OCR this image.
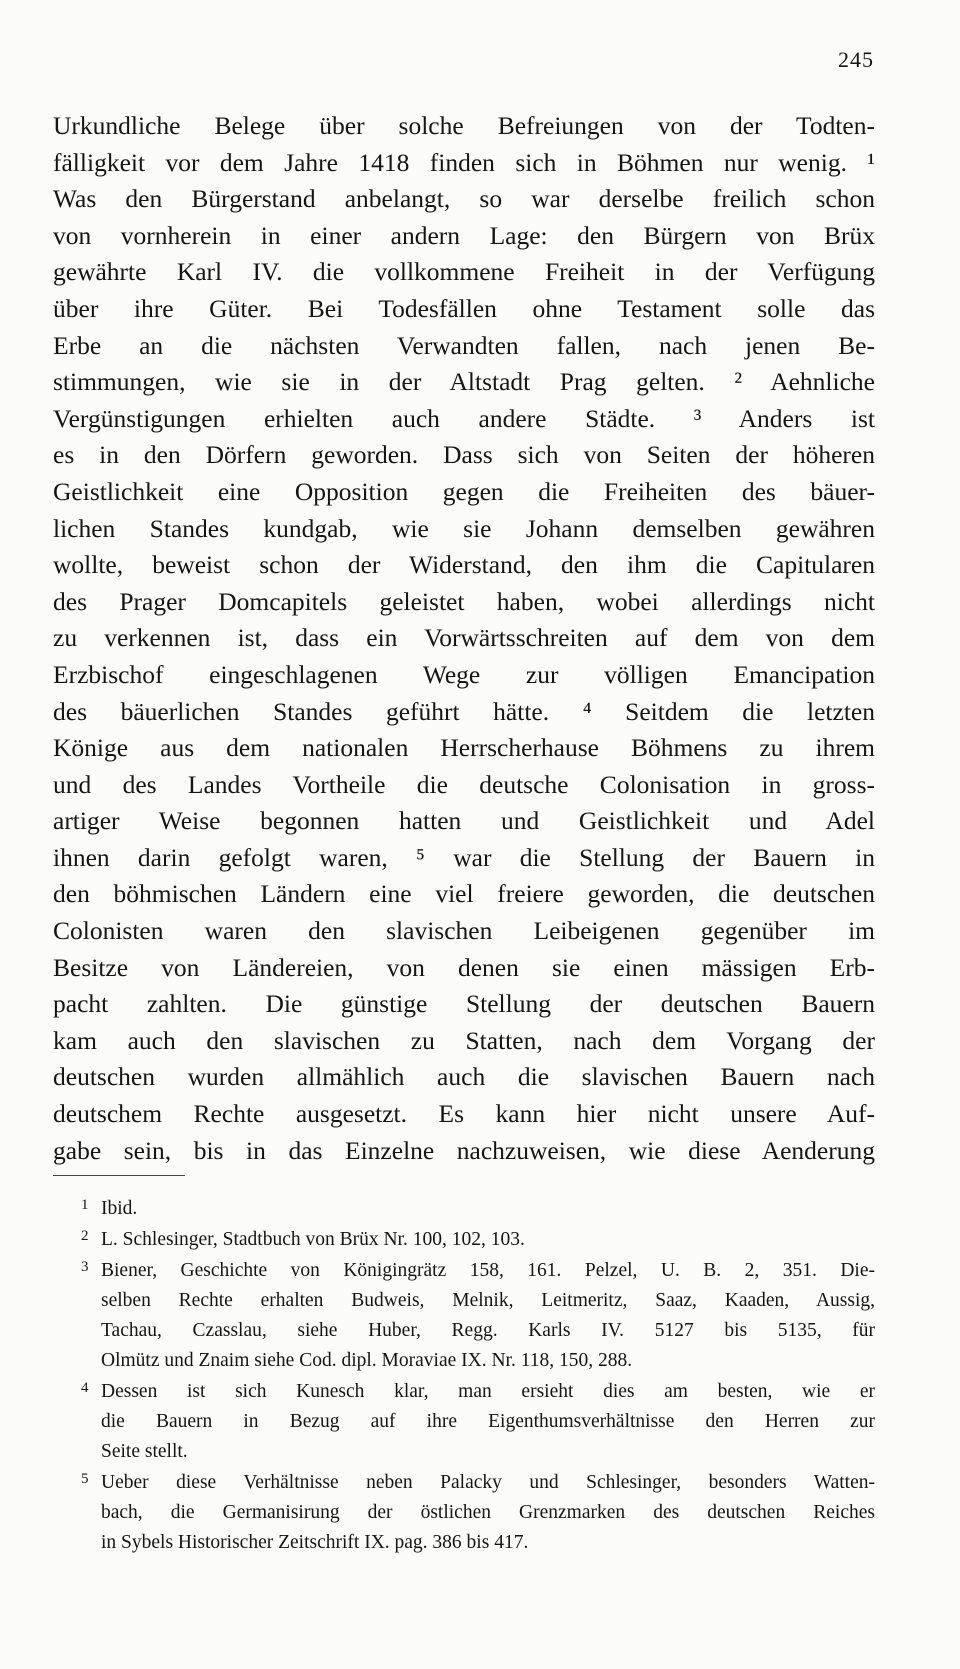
245
Urkundliche Belege über solche Befreiungen von der Todten-
fälligkeit vor dem Jahre 1418 finden sich in Böhmen nur wenig. ¹
Was den Bürgerstand anbelangt, so war derselbe freilich schon
von vornherein in einer andern Lage: den Bürgern von Brüx
gewährte Karl IV. die vollkommene Freiheit in der Verfügung
über ihre Güter. Bei Todesfällen ohne Testament solle das
Erbe an die nächsten Verwandten fallen, nach jenen Be-
stimmungen, wie sie in der Altstadt Prag gelten. ² Aehnliche
Vergünstigungen erhielten auch andere Städte. ³ Anders ist
es in den Dörfern geworden. Dass sich von Seiten der höheren
Geistlichkeit eine Opposition gegen die Freiheiten des bäuer-
lichen Standes kundgab, wie sie Johann demselben gewähren
wollte, beweist schon der Widerstand, den ihm die Capitularen
des Prager Domcapitels geleistet haben, wobei allerdings nicht
zu verkennen ist, dass ein Vorwärtsschreiten auf dem von dem
Erzbischof eingeschlagenen Wege zur völligen Emancipation
des bäuerlichen Standes geführt hätte. ⁴ Seitdem die letzten
Könige aus dem nationalen Herrscherhause Böhmens zu ihrem
und des Landes Vortheile die deutsche Colonisation in gross-
artiger Weise begonnen hatten und Geistlichkeit und Adel
ihnen darin gefolgt waren, ⁵ war die Stellung der Bauern in
den böhmischen Ländern eine viel freiere geworden, die deutschen
Colonisten waren den slavischen Leibeigenen gegenüber im
Besitze von Ländereien, von denen sie einen mässigen Erb-
pacht zahlten. Die günstige Stellung der deutschen Bauern
kam auch den slavischen zu Statten, nach dem Vorgang der
deutschen wurden allmählich auch die slavischen Bauern nach
deutschem Rechte ausgesetzt. Es kann hier nicht unsere Auf-
gabe sein, bis in das Einzelne nachzuweisen, wie diese Aenderung
1 Ibid.
2 L. Schlesinger, Stadtbuch von Brüx Nr. 100, 102, 103.
3 Biener, Geschichte von Königingrätz 158, 161. Pelzel, U. B. 2, 351. Die-
selben Rechte erhalten Budweis, Melnik, Leitmeritz, Saaz, Kaaden, Aussig,
Tachau, Czasslau, siehe Huber, Regg. Karls IV. 5127 bis 5135, für
Olmütz und Znaim siehe Cod. dipl. Moraviae IX. Nr. 118, 150, 288.
4 Dessen ist sich Kunesch klar, man ersieht dies am besten, wie er
die Bauern in Bezug auf ihre Eigenthumsverhältnisse den Herren zur
Seite stellt.
5 Ueber diese Verhältnisse neben Palacky und Schlesinger, besonders Watten-
bach, die Germanisirung der östlichen Grenzmarken des deutschen Reiches
in Sybels Historischer Zeitschrift IX. pag. 386 bis 417.
